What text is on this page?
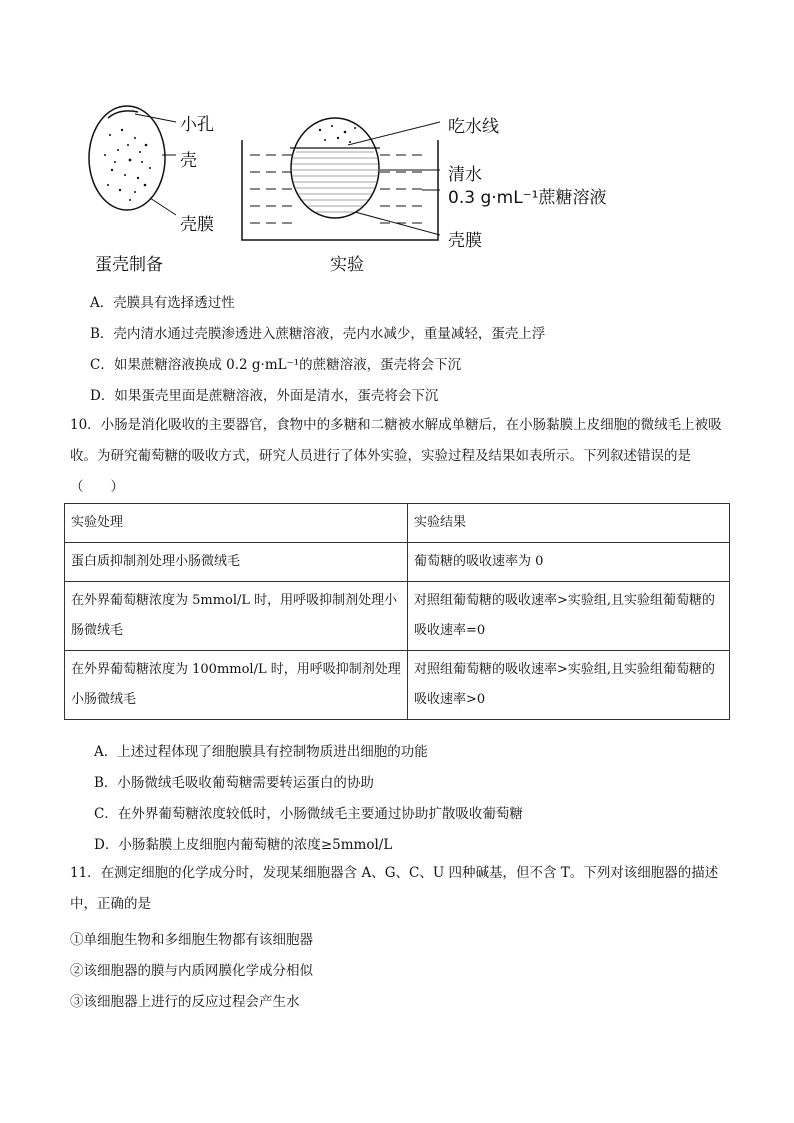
小孔
壳
壳膜
蛋壳制备
吃水线
清水
0.3 g·mL⁻¹蔗糖溶液
壳膜
实验
A．壳膜具有选择透过性
B．壳内清水通过壳膜渗透进入蔗糖溶液，壳内水减少，重量减轻，蛋壳上浮
C．如果蔗糖溶液换成 0.2 g·mL⁻¹的蔗糖溶液，蛋壳将会下沉
D．如果蛋壳里面是蔗糖溶液，外面是清水，蛋壳将会下沉
10．小肠是消化吸收的主要器官，食物中的多糖和二糖被水解成单糖后，在小肠黏膜上皮细胞的微绒毛上被吸收。为研究葡萄糖的吸收方式，研究人员进行了体外实验，实验过程及结果如表所示。下列叙述错误的是（　　）
实验处理	实验结果
蛋白质抑制剂处理小肠微绒毛	葡萄糖的吸收速率为 0
在外界葡萄糖浓度为 5mmol/L 时，用呼吸抑制剂处理小肠微绒毛	对照组葡萄糖的吸收速率>实验组,且实验组葡萄糖的吸收速率=0
在外界葡萄糖浓度为 100mmol/L 时，用呼吸抑制剂处理小肠微绒毛	对照组葡萄糖的吸收速率>实验组,且实验组葡萄糖的吸收速率>0
A．上述过程体现了细胞膜具有控制物质进出细胞的功能
B．小肠微绒毛吸收葡萄糖需要转运蛋白的协助
C．在外界葡萄糖浓度较低时，小肠微绒毛主要通过协助扩散吸收葡萄糖
D．小肠黏膜上皮细胞内葡萄糖的浓度≥5mmol/L
11．在测定细胞的化学成分时，发现某细胞器含 A、G、C、U 四种碱基，但不含 T。下列对该细胞器的描述中，正确的是
①单细胞生物和多细胞生物都有该细胞器
②该细胞器的膜与内质网膜化学成分相似
③该细胞器上进行的反应过程会产生水
